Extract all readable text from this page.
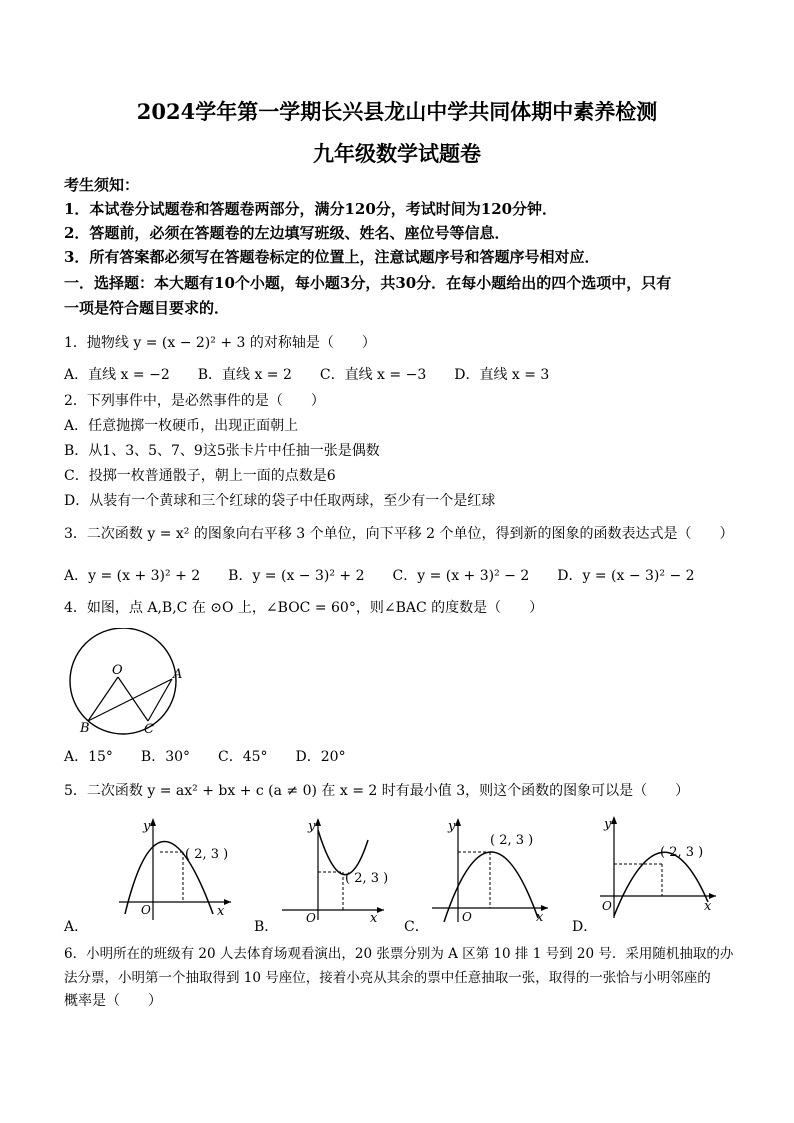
2024学年第一学期长兴县龙山中学共同体期中素养检测
九年级数学试题卷
考生须知：
1．本试卷分试题卷和答题卷两部分，满分120分，考试时间为120分钟．
2．答题前，必须在答题卷的左边填写班级、姓名、座位号等信息．
3．所有答案都必须写在答题卷标定的位置上，注意试题序号和答题序号相对应．
一．选择题：本大题有10个小题，每小题3分，共30分．在每小题给出的四个选项中，只有
一项是符合题目要求的．
1．抛物线 y = (x − 2)² + 3 的对称轴是（　　）
A．直线 x = −2　　B．直线 x = 2　　C．直线 x = −3　　D．直线 x = 3
2．下列事件中，是必然事件的是（　　）
A．任意抛掷一枚硬币，出现正面朝上
B．从1、3、5、7、9这5张卡片中任抽一张是偶数
C．投掷一枚普通骰子，朝上一面的点数是6
D．从装有一个黄球和三个红球的袋子中任取两球，至少有一个是红球
3．二次函数 y = x² 的图象向右平移 3 个单位，向下平移 2 个单位，得到新的图象的函数表达式是（　　）
A．y = (x + 3)² + 2　　B．y = (x − 3)² + 2　　C．y = (x + 3)² − 2　　D．y = (x − 3)² − 2
4．如图，点 A,B,C 在 ⊙O 上，∠BOC = 60°，则∠BAC 的度数是（　　）
O	A
B	C
A．15°　　B．30°　　C．45°　　D．20°
5．二次函数 y = ax² + bx + c (a ≠ 0) 在 x = 2 时有最小值 3，则这个函数的图象可以是（　　）
( 2, 3 )
y
x
O
A．
( 2, 3 )
y
x
O
B．
( 2, 3 )
y
x
O
C．
( 2, 3 )
y
x
O
D．
6．小明所在的班级有 20 人去体育场观看演出，20 张票分别为 A 区第 10 排 1 号到 20 号．采用随机抽取的办
法分票，小明第一个抽取得到 10 号座位，接着小亮从其余的票中任意抽取一张，取得的一张恰与小明邻座的
概率是（　　）
